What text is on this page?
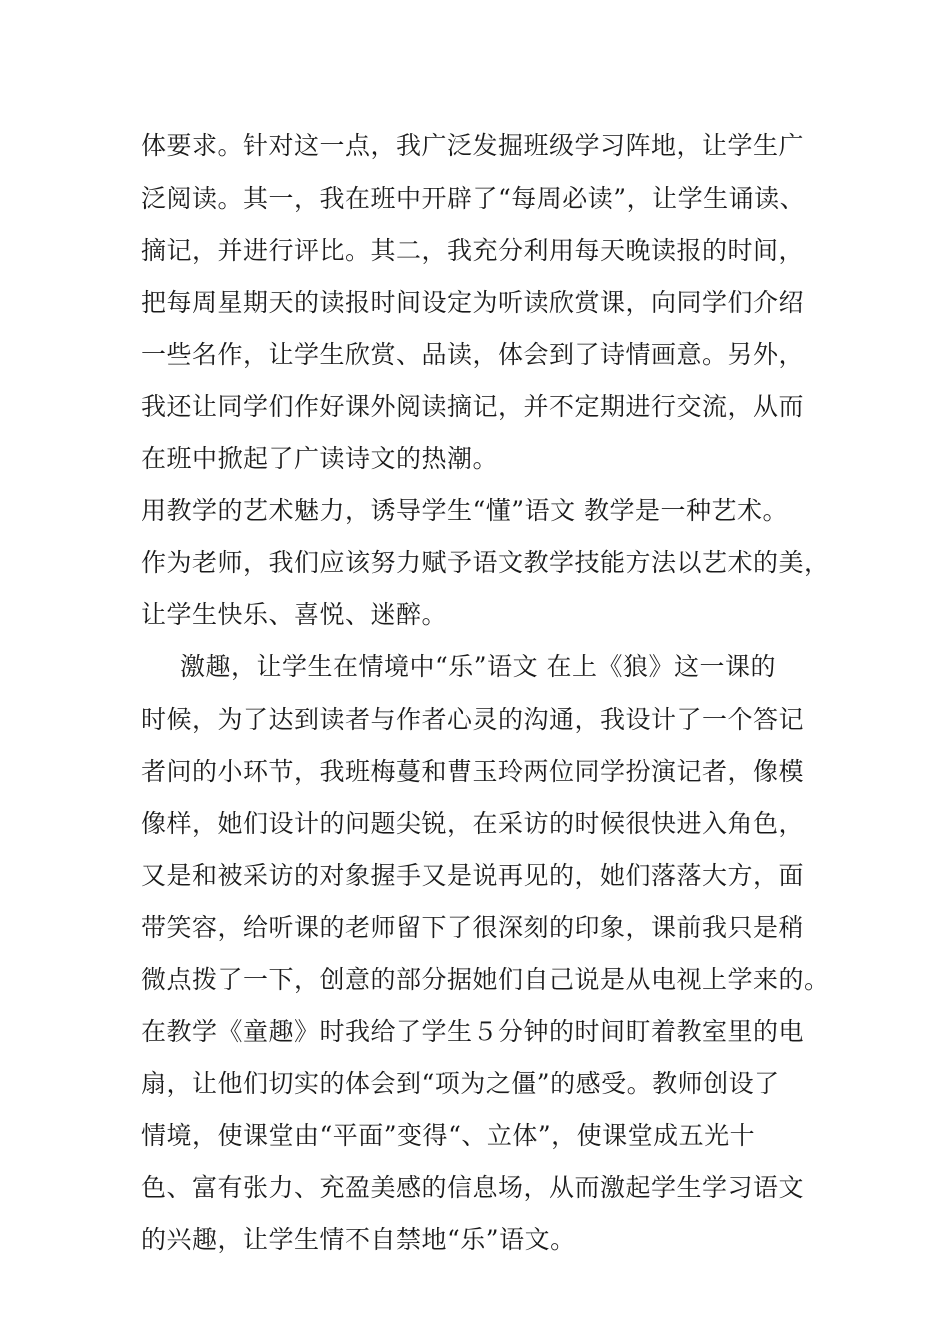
体要求。针对这一点，我广泛发掘班级学习阵地，让学生广
泛阅读。其一，我在班中开辟了“每周必读”，让学生诵读、
摘记，并进行评比。其二，我充分利用每天晚读报的时间，
把每周星期天的读报时间设定为听读欣赏课，向同学们介绍
一些名作，让学生欣赏、品读，体会到了诗情画意。另外，
我还让同学们作好课外阅读摘记，并不定期进行交流，从而
在班中掀起了广读诗文的热潮。
用教学的艺术魅力，诱导学生“懂”语文 教学是一种艺术。
作为老师，我们应该努力赋予语文教学技能方法以艺术的美，
让学生快乐、喜悦、迷醉。
激趣，让学生在情境中“乐”语文 在上《狼》这一课的
时候，为了达到读者与作者心灵的沟通，我设计了一个答记
者问的小环节，我班梅蔓和曹玉玲两位同学扮演记者，像模
像样，她们设计的问题尖锐，在采访的时候很快进入角色，
又是和被采访的对象握手又是说再见的，她们落落大方，面
带笑容，给听课的老师留下了很深刻的印象，课前我只是稍
微点拨了一下，创意的部分据她们自己说是从电视上学来的。
在教学《童趣》时我给了学生５分钟的时间盯着教室里的电
扇，让他们切实的体会到“项为之僵”的感受。教师创设了
情境，使课堂由“平面”变得“、立体”，使课堂成五光十
色、富有张力、充盈美感的信息场，从而激起学生学习语文
的兴趣，让学生情不自禁地“乐”语文。
